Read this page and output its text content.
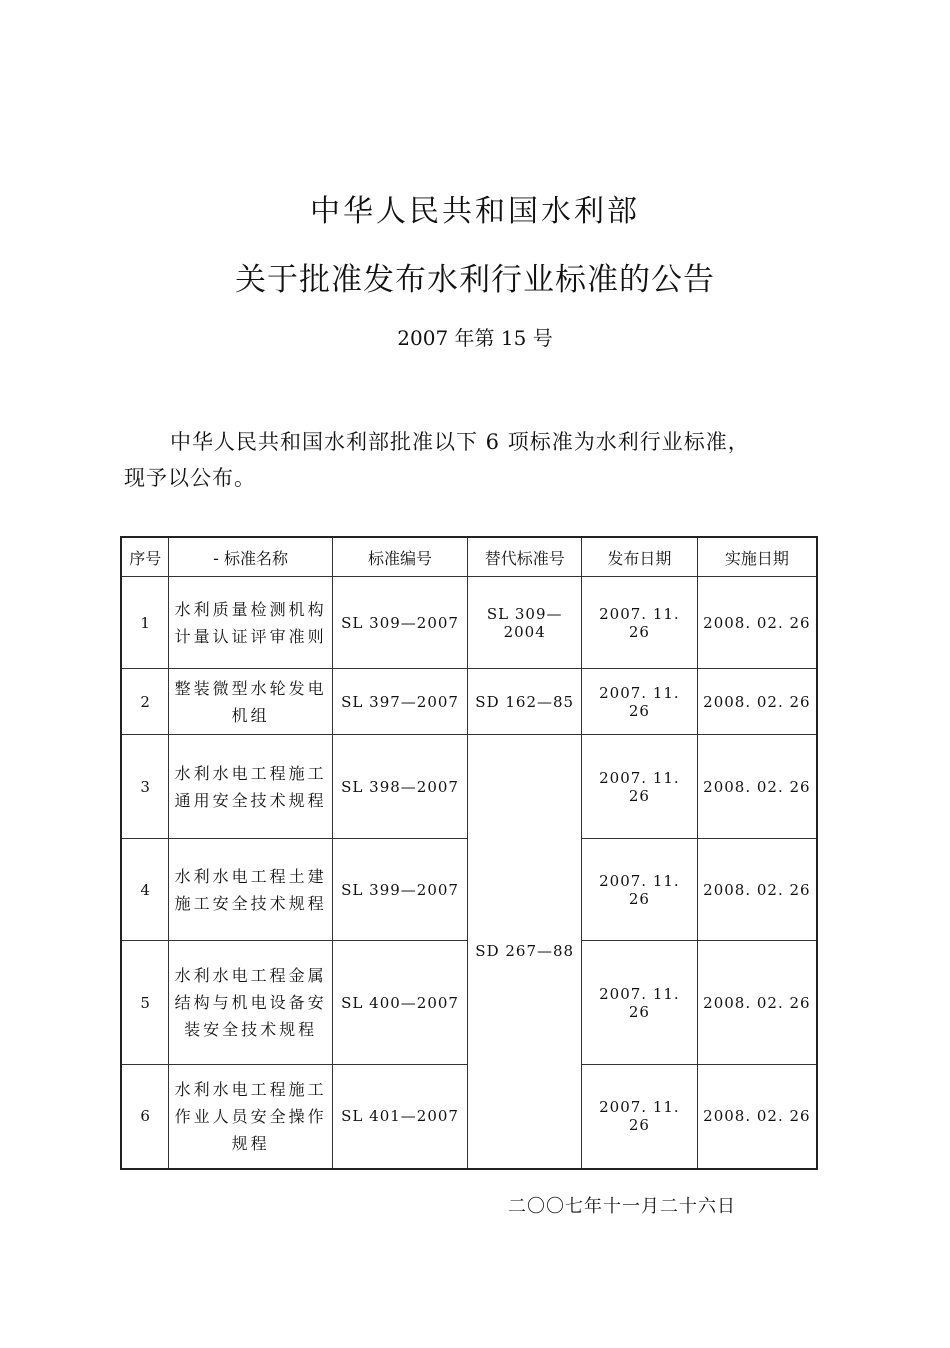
中华人民共和国水利部
关于批准发布水利行业标准的公告
2007 年第 15 号
中华人民共和国水利部批准以下 6 项标准为水利行业标准，
现予以公布。
序号	- 标准名称	标准编号	替代标准号	发布日期	实施日期
1	水利质量检测机构计量认证评审准则	SL 309—2007	SL 309—2004	2007. 11. 26	2008. 02. 26
2	整装微型水轮发电机组	SL 397—2007	SD 162—85	2007. 11. 26	2008. 02. 26
3	水利水电工程施工通用安全技术规程	SL 398—2007	SD 267—88	2007. 11. 26	2008. 02. 26
4	水利水电工程土建施工安全技术规程	SL 399—2007		2007. 11. 26	2008. 02. 26
5	水利水电工程金属结构与机电设备安装安全技术规程	SL 400—2007		2007. 11. 26	2008. 02. 26
6	水利水电工程施工作业人员安全操作规程	SL 401—2007		2007. 11. 26	2008. 02. 26
二〇〇七年十一月二十六日
